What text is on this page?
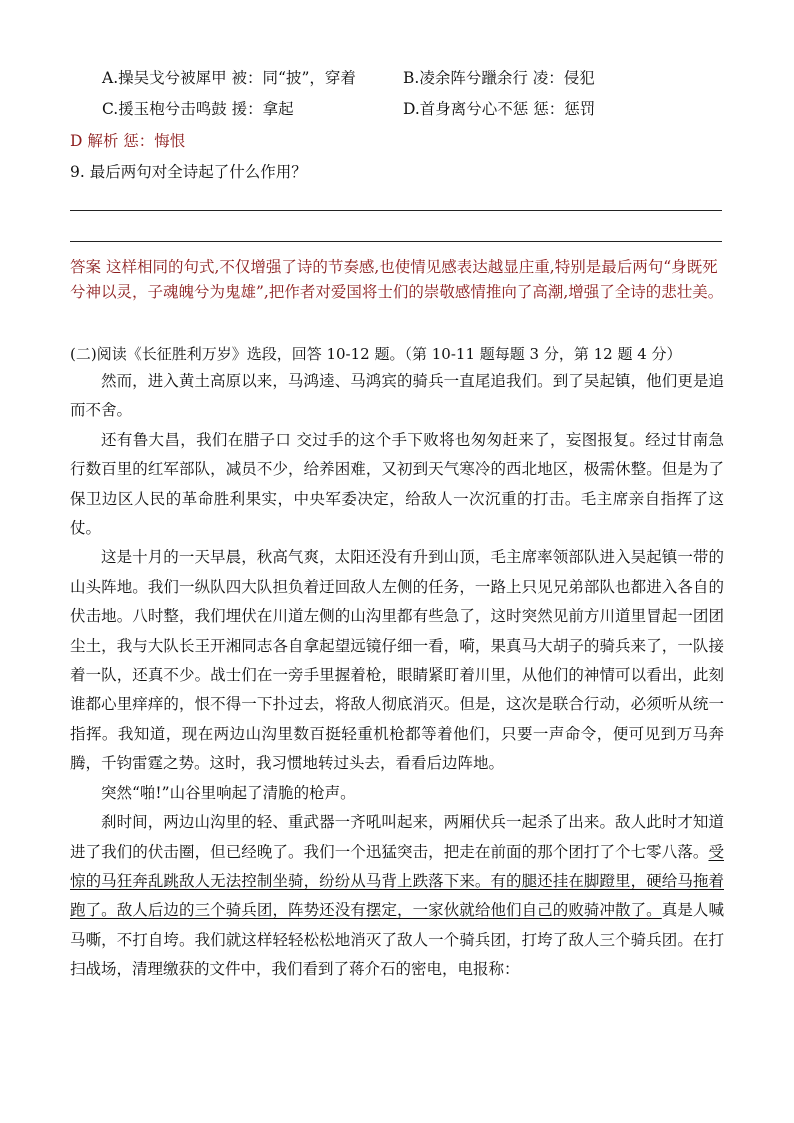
A.操吴戈兮被犀甲 被：同“披”，穿着	B.凌余阵兮躐余行 凌：侵犯
C.援玉枹兮击鸣鼓 援：拿起	D.首身离兮心不惩 惩：惩罚
D 解析 惩：悔恨
9. 最后两句对全诗起了什么作用？
答案 这样相同的句式,不仅增强了诗的节奏感,也使情见感表达越显庄重,特别是最后两句“身既死兮神以灵，子魂魄兮为鬼雄”,把作者对爱国将士们的崇敬感情推向了高潮,增强了全诗的悲壮美。
(二)阅读《长征胜利万岁》选段，回答 10-12 题。（第 10-11 题每题 3 分，第 12 题 4 分）

然而，进入黄土高原以来，马鸿逵、马鸿宾的骑兵一直尾追我们。到了吴起镇，他们更是追而不舍。

还有鲁大昌，我们在腊子口 交过手的这个手下败将也匆匆赶来了，妄图报复。经过甘南急行数百里的红军部队，减员不少，给养困难，又初到天气寒冷的西北地区，极需休整。但是为了保卫边区人民的革命胜利果实，中央军委决定，给敌人一次沉重的打击。毛主席亲自指挥了这仗。

这是十月的一天早晨，秋高气爽，太阳还没有升到山顶，毛主席率领部队进入吴起镇一带的山头阵地。我们一纵队四大队担负着迂回敌人左侧的任务，一路上只见兄弟部队也都进入各自的伏击地。八时整，我们埋伏在川道左侧的山沟里都有些急了，这时突然见前方川道里冒起一团团尘土，我与大队长王开湘同志各自拿起望远镜仔细一看，嗬，果真马大胡子的骑兵来了，一队接着一队，还真不少。战士们在一旁手里握着枪，眼睛紧盯着川里，从他们的神情可以看出，此刻谁都心里痒痒的，恨不得一下扑过去，将敌人彻底消灭。但是，这次是联合行动，必须听从统一指挥。我知道，现在两边山沟里数百挺轻重机枪都等着他们，只要一声命令，便可见到万马奔腾，千钧雷霆之势。这时，我习惯地转过头去，看看后边阵地。

突然“啪!”山谷里响起了清脆的枪声。

刹时间，两边山沟里的轻、重武器一齐吼叫起来，两厢伏兵一起杀了出来。敌人此时才知道进了我们的伏击圈，但已经晚了。我们一个迅猛突击，把走在前面的那个团打了个七零八落。受惊的马狂奔乱跳敌人无法控制坐骑，纷纷从马背上跌落下来。有的腿还挂在脚蹬里，硬给马拖着跑了。敌人后边的三个骑兵团，阵势还没有摆定，一家伙就给他们自己的败骑冲散了。真是人喊马嘶，不打自垮。我们就这样轻轻松松地消灭了敌人一个骑兵团，打垮了敌人三个骑兵团。在打扫战场，清理缴获的文件中，我们看到了蒋介石的密电，电报称：
